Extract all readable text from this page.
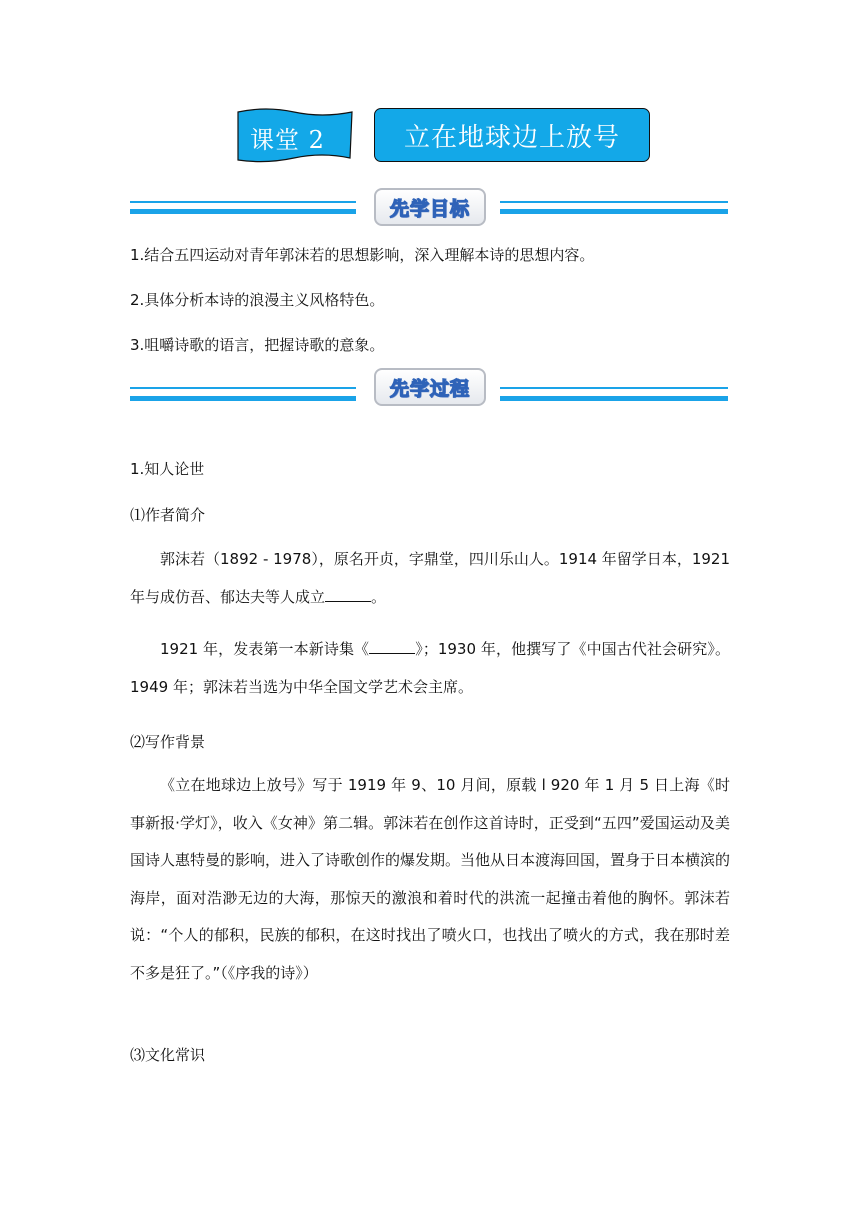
课堂 2	立在地球边上放号
先学目标
1.结合五四运动对青年郭沫若的思想影响，深入理解本诗的思想内容。
2.具体分析本诗的浪漫主义风格特色。
3.咀嚼诗歌的语言，把握诗歌的意象。
先学过程
1.知人论世
⑴作者简介
郭沫若（1892 - 1978），原名开贞，字鼎堂，四川乐山人。1914 年留学日本，1921 年与成仿吾、郁达夫等人成立	。
1921 年，发表第一本新诗集《	》；1930 年，他撰写了《中国古代社会研究》。1949 年；郭沫若当选为中华全国文学艺术会主席。
⑵写作背景
《立在地球边上放号》写于 1919 年 9、10 月间，原载 l 920 年 1 月 5 日上海《时事新报·学灯》，收入《女神》第二辑。郭沫若在创作这首诗时，正受到“五四”爱国运动及美国诗人惠特曼的影响，进入了诗歌创作的爆发期。当他从日本渡海回国，置身于日本横滨的海岸，面对浩渺无边的大海，那惊天的激浪和着时代的洪流一起撞击着他的胸怀。郭沫若说：“个人的郁积，民族的郁积，在这时找出了喷火口，也找出了喷火的方式，我在那时差不多是狂了。”（《序我的诗》）
⑶文化常识
